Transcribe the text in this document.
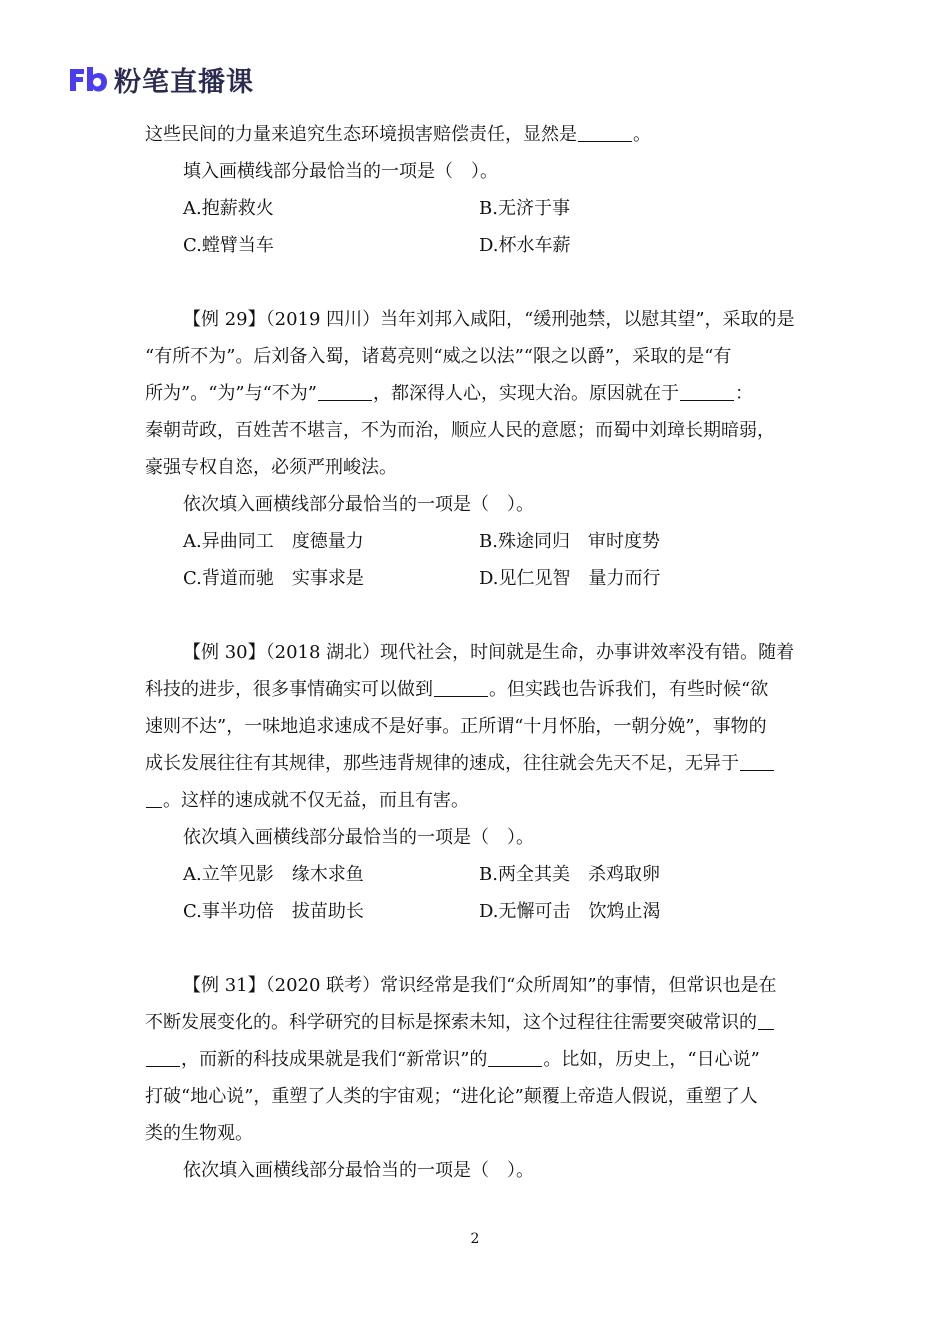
粉笔直播课
这些民间的力量来追究生态环境损害赔偿责任，显然是	。
填入画横线部分最恰当的一项是（　）。
A.抱薪救火	B.无济于事
C.螳臂当车	D.杯水车薪
【例 29】（2019 四川）当年刘邦入咸阳，“缓刑弛禁，以慰其望”，采取的是
“有所不为”。后刘备入蜀，诸葛亮则“威之以法”“限之以爵”，采取的是“有
所为”。“为”与“不为”	，都深得人心，实现大治。原因就在于	：
秦朝苛政，百姓苦不堪言，不为而治，顺应人民的意愿；而蜀中刘璋长期暗弱，
豪强专权自恣，必须严刑峻法。
依次填入画横线部分最恰当的一项是（　）。
A.异曲同工　度德量力	B.殊途同归　审时度势
C.背道而驰　实事求是	D.见仁见智　量力而行
【例 30】（2018 湖北）现代社会，时间就是生命，办事讲效率没有错。随着
科技的进步，很多事情确实可以做到	。但实践也告诉我们，有些时候“欲
速则不达”，一味地追求速成不是好事。正所谓“十月怀胎，一朝分娩”，事物的
成长发展往往有其规律，那些违背规律的速成，往往就会先天不足，无异于
。这样的速成就不仅无益，而且有害。
依次填入画横线部分最恰当的一项是（　）。
A.立竿见影　缘木求鱼	B.两全其美　杀鸡取卵
C.事半功倍　拔苗助长	D.无懈可击　饮鸩止渴
【例 31】（2020 联考）常识经常是我们“众所周知”的事情，但常识也是在
不断发展变化的。科学研究的目标是探索未知，这个过程往往需要突破常识的
，而新的科技成果就是我们“新常识”的	。比如，历史上，“日心说”
打破“地心说”，重塑了人类的宇宙观；“进化论”颠覆上帝造人假说，重塑了人
类的生物观。
依次填入画横线部分最恰当的一项是（　）。
2
